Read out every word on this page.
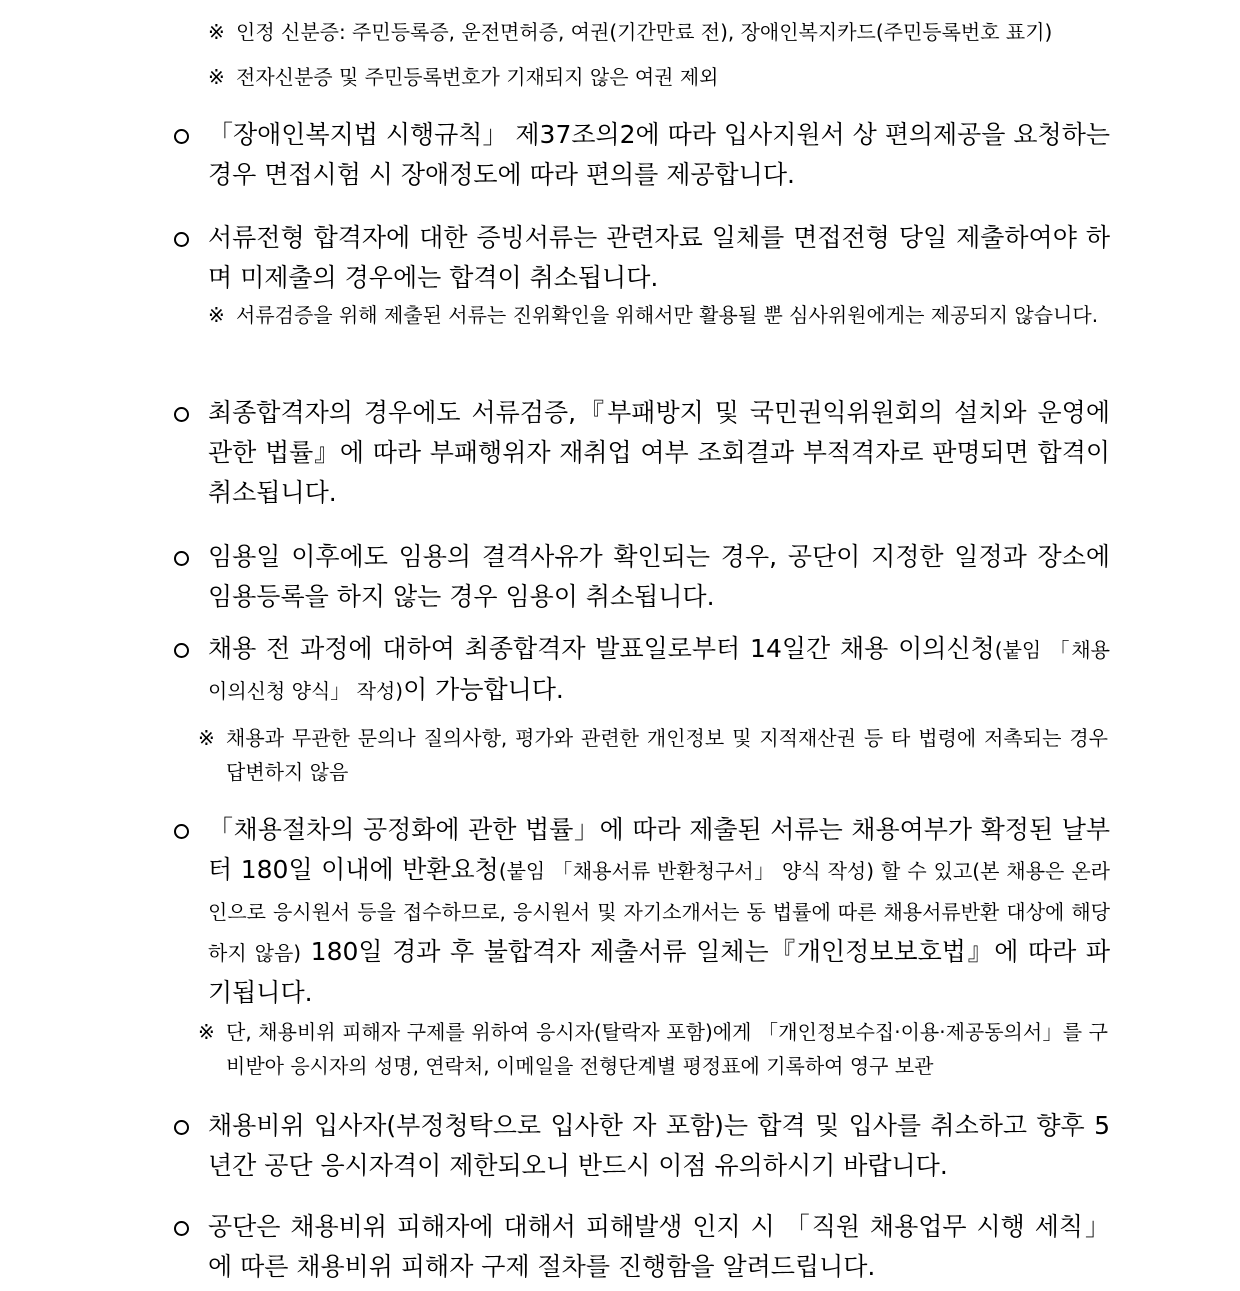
※ 인정 신분증: 주민등록증, 운전면허증, 여권(기간만료 전), 장애인복지카드(주민등록번호 표기)
※ 전자신분증 및 주민등록번호가 기재되지 않은 여권 제외
「장애인복지법 시행규칙」 제37조의2에 따라 입사지원서 상 편의제공을 요청하는 경우 면접시험 시 장애정도에 따라 편의를 제공합니다.
서류전형 합격자에 대한 증빙서류는 관련자료 일체를 면접전형 당일 제출하여야 하며 미제출의 경우에는 합격이 취소됩니다.
※ 서류검증을 위해 제출된 서류는 진위확인을 위해서만 활용될 뿐 심사위원에게는 제공되지 않습니다.
최종합격자의 경우에도 서류검증,『부패방지 및 국민권익위원회의 설치와 운영에 관한 법률』에 따라 부패행위자 재취업 여부 조회결과 부적격자로 판명되면 합격이 취소됩니다.
임용일 이후에도 임용의 결격사유가 확인되는 경우, 공단이 지정한 일정과 장소에 임용등록을 하지 않는 경우 임용이 취소됩니다.
채용 전 과정에 대하여 최종합격자 발표일로부터 14일간 채용 이의신청(붙임 「채용 이의신청 양식」 작성)이 가능합니다.
※ 채용과 무관한 문의나 질의사항, 평가와 관련한 개인정보 및 지적재산권 등 타 법령에 저촉되는 경우 답변하지 않음
「채용절차의 공정화에 관한 법률」에 따라 제출된 서류는 채용여부가 확정된 날부터 180일 이내에 반환요청(붙임 「채용서류 반환청구서」 양식 작성) 할 수 있고(본 채용은 온라인으로 응시원서 등을 접수하므로, 응시원서 및 자기소개서는 동 법률에 따른 채용서류반환 대상에 해당하지 않음) 180일 경과 후 불합격자 제출서류 일체는『개인정보보호법』에 따라 파기됩니다.
※ 단, 채용비위 피해자 구제를 위하여 응시자(탈락자 포함)에게 「개인정보수집·이용·제공동의서」를 구비받아 응시자의 성명, 연락처, 이메일을 전형단계별 평정표에 기록하여 영구 보관
채용비위 입사자(부정청탁으로 입사한 자 포함)는 합격 및 입사를 취소하고 향후 5년간 공단 응시자격이 제한되오니 반드시 이점 유의하시기 바랍니다.
공단은 채용비위 피해자에 대해서 피해발생 인지 시 「직원 채용업무 시행 세칙」에 따른 채용비위 피해자 구제 절차를 진행함을 알려드립니다.
